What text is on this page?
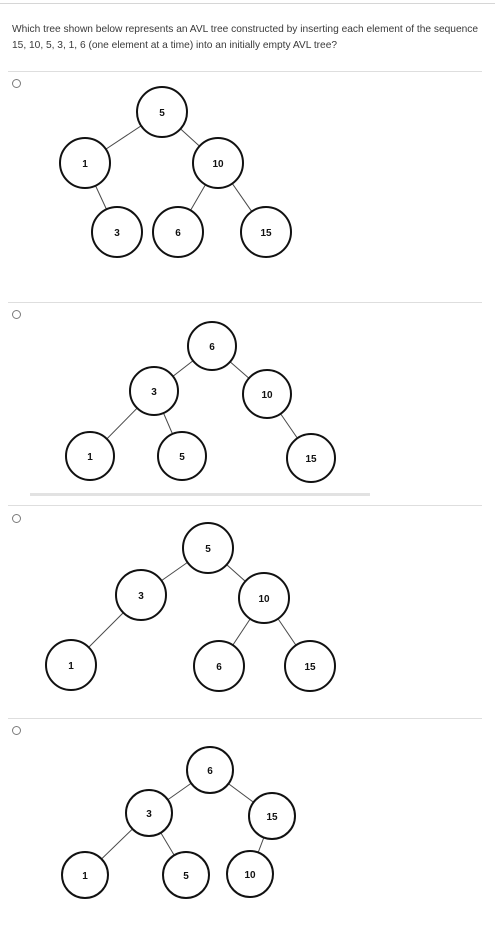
Which tree shown below represents an AVL tree constructed by inserting each element of the sequence 15, 10, 5, 3, 1, 6 (one element at a time) into an initially empty AVL tree?
5
1	10
3	6	15
6
3	10
1	5	15
5
3	10
1	6	15
6
3	15
1	5	10
